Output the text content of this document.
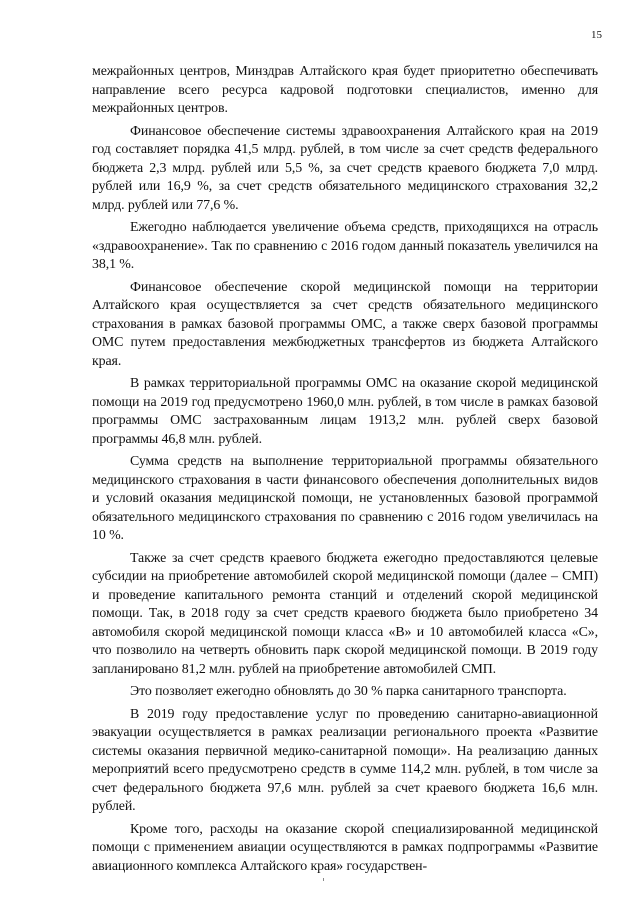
15

межрайонных центров, Минздрав Алтайского края будет приоритетно обеспечивать направление всего ресурса кадровой подготовки специалистов, именно для межрайонных центров.

Финансовое обеспечение системы здравоохранения Алтайского края на 2019 год составляет порядка 41,5 млрд. рублей, в том числе за счет средств федерального бюджета 2,3 млрд. рублей или 5,5 %, за счет средств краевого бюджета 7,0 млрд. рублей или 16,9 %, за счет средств обязательного медицинского страхования 32,2 млрд. рублей или 77,6 %.

Ежегодно наблюдается увеличение объема средств, приходящихся на отрасль «здравоохранение». Так по сравнению с 2016 годом данный показатель увеличился на 38,1 %.

Финансовое обеспечение скорой медицинской помощи на территории Алтайского края осуществляется за счет средств обязательного медицинского страхования в рамках базовой программы ОМС, а также сверх базовой программы ОМС путем предоставления межбюджетных трансфертов из бюджета Алтайского края.

В рамках территориальной программы ОМС на оказание скорой медицинской помощи на 2019 год предусмотрено 1960,0 млн. рублей, в том числе в рамках базовой программы ОМС застрахованным лицам 1913,2 млн. рублей сверх базовой программы 46,8 млн. рублей.

Сумма средств на выполнение территориальной программы обязательного медицинского страхования в части финансового обеспечения дополнительных видов и условий оказания медицинской помощи, не установленных базовой программой обязательного медицинского страхования по сравнению с 2016 годом увеличилась на 10 %.

Также за счет средств краевого бюджета ежегодно предоставляются целевые субсидии на приобретение автомобилей скорой медицинской помощи (далее – СМП) и проведение капитального ремонта станций и отделений скорой медицинской помощи. Так, в 2018 году за счет средств краевого бюджета было приобретено 34 автомобиля скорой медицинской помощи класса «В» и 10 автомобилей класса «С», что позволило на четверть обновить парк скорой медицинской помощи. В 2019 году запланировано 81,2 млн. рублей на приобретение автомобилей СМП.

Это позволяет ежегодно обновлять до 30 % парка санитарного транспорта.

В 2019 году предоставление услуг по проведению санитарно-авиационной эвакуации осуществляется в рамках реализации регионального проекта «Развитие системы оказания первичной медико-санитарной помощи». На реализацию данных мероприятий всего предусмотрено средств в сумме 114,2 млн. рублей, в том числе за счет федерального бюджета 97,6 млн. рублей за счет краевого бюджета 16,6 млн. рублей.

Кроме того, расходы на оказание скорой специализированной медицинской помощи с применением авиации осуществляются в рамках подпрограммы «Развитие авиационного комплекса Алтайского края» государствен-
